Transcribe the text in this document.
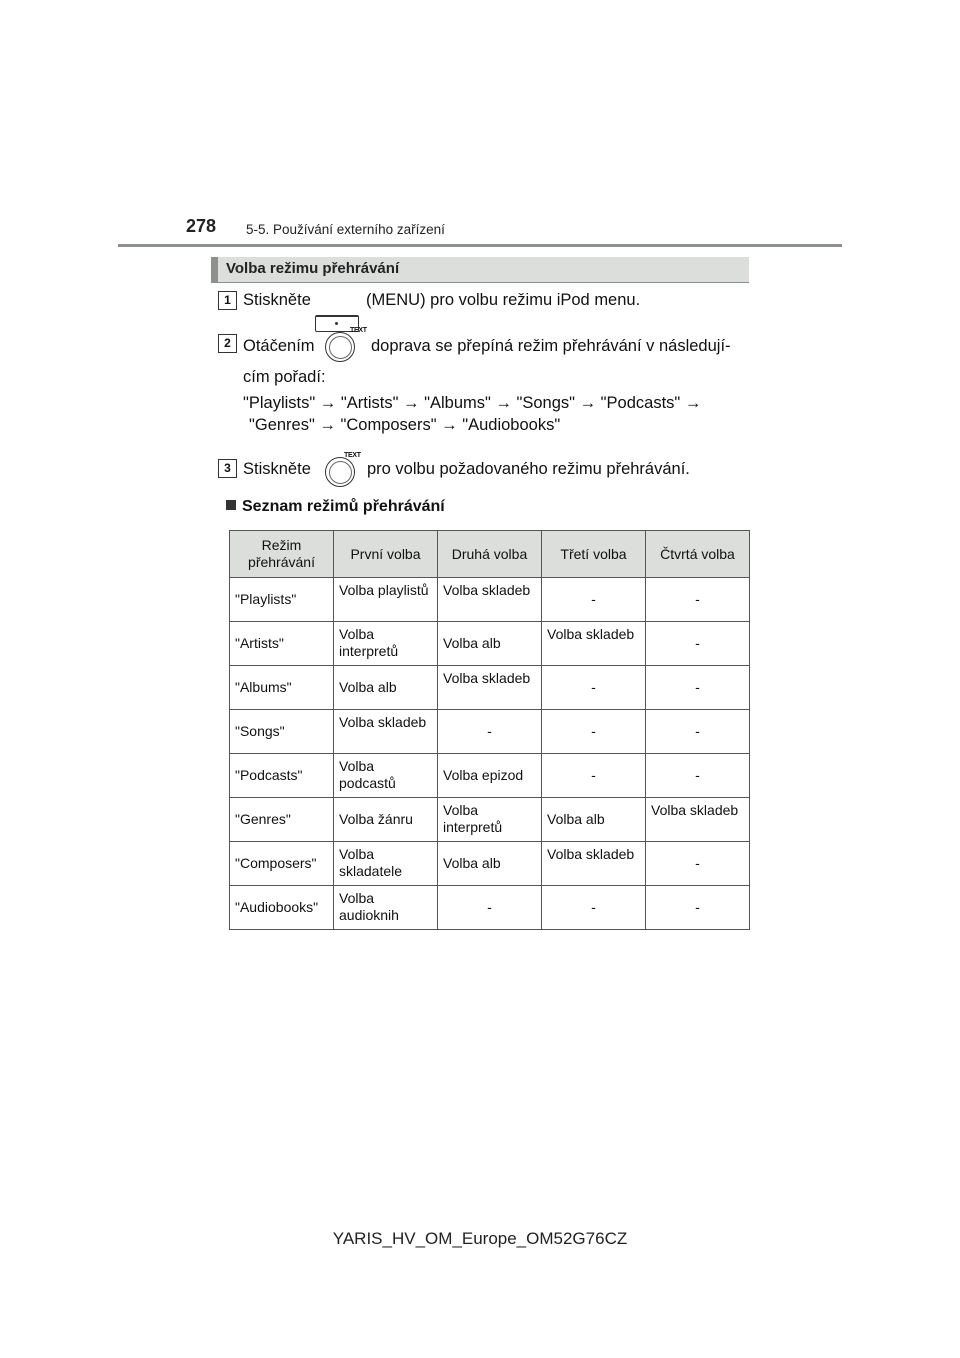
278 5-5. Používání externího zařízení
Volba režimu přehrávání
1 Stiskněte	(MENU) pro volbu režimu iPod menu.
2 Otáčením
TEXT
doprava se přepíná režim přehrávání v následují-
cím pořadí:
"Playlists" → "Artists" → "Albums" → "Songs" → "Podcasts" →
"Genres" → "Composers" → "Audiobooks"
3 Stiskněte
TEXT
pro volbu požadovaného režimu přehrávání.
Seznam režimů přehrávání
Režim přehrávání	První volba	Druhá volba	Třetí volba	Čtvrtá volba
"Playlists"	Volba playlistů	Volba skladeb	-	-
"Artists"	Volba interpretů	Volba alb	Volba skladeb	-
"Albums"	Volba alb	Volba skladeb	-	-
"Songs"	Volba skladeb	-	-	-
"Podcasts"	Volba podcastů	Volba epizod	-	-
"Genres"	Volba žánru	Volba interpretů	Volba alb	Volba skladeb
"Composers"	Volba skladatele	Volba alb	Volba skladeb	-
"Audiobooks"	Volba audioknih	-	-	-
YARIS_HV_OM_Europe_OM52G76CZ
